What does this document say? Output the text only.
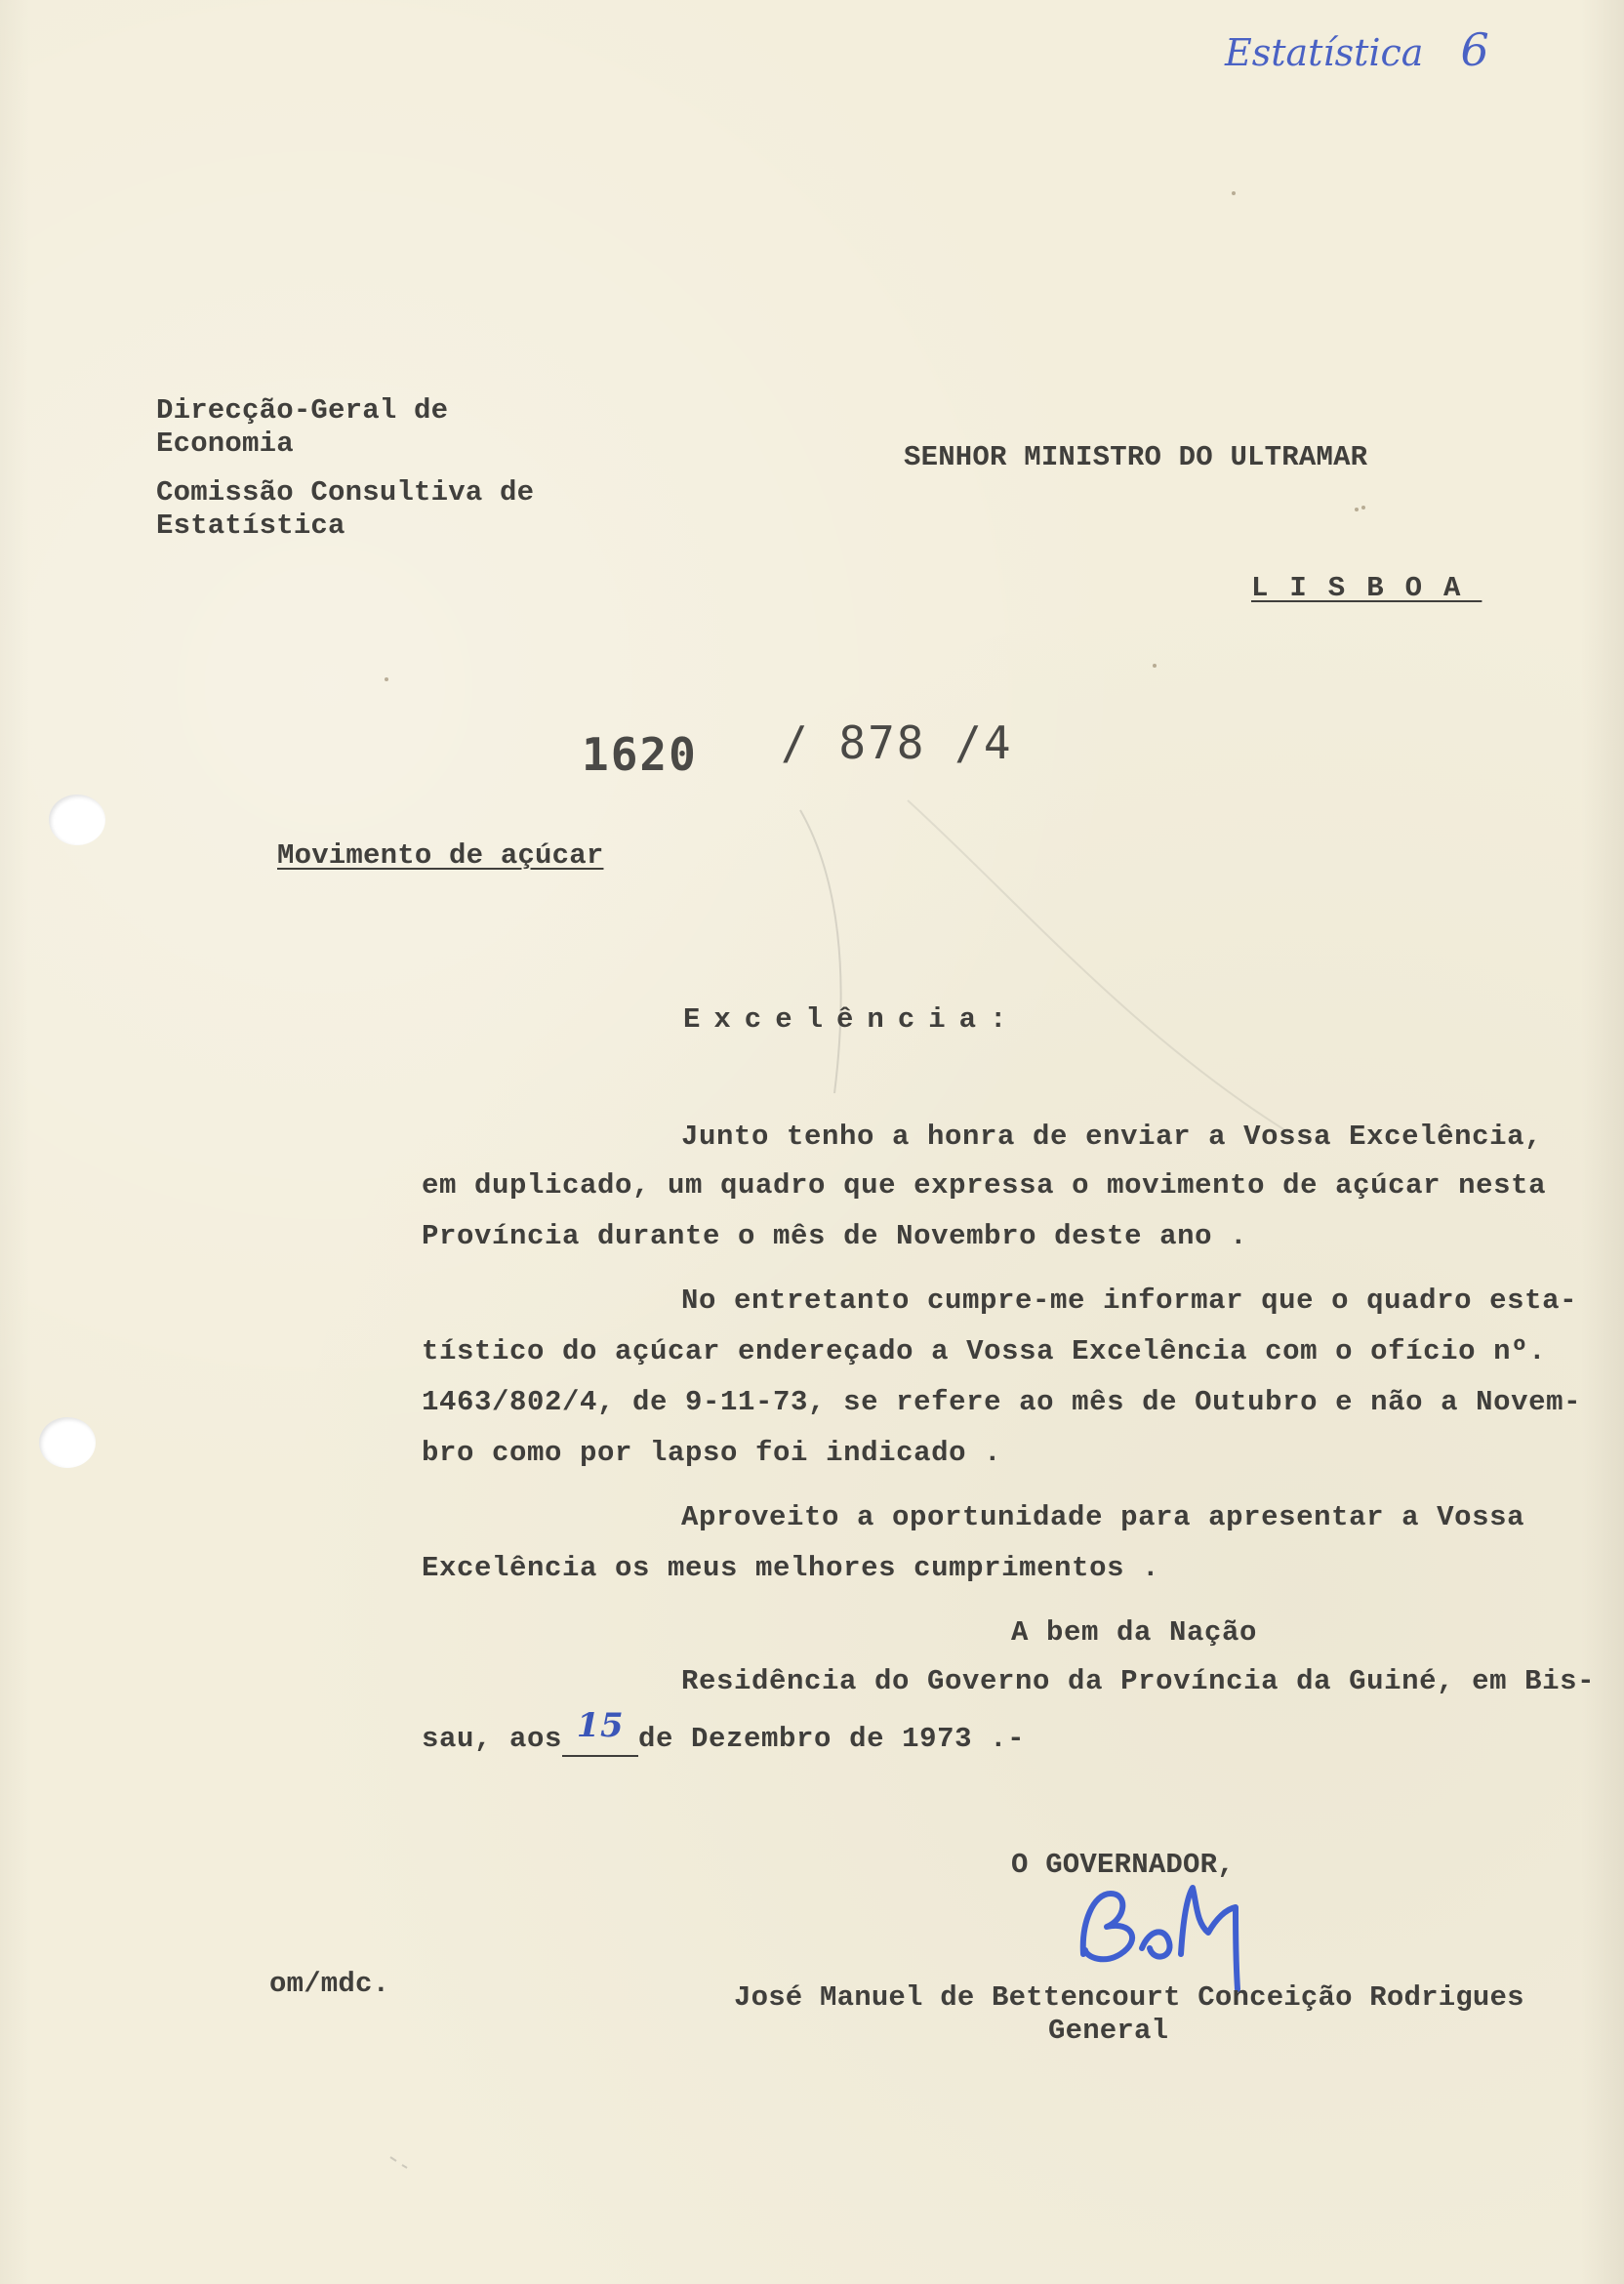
Estatística 6
Direcção-Geral de
Economia
Comissão Consultiva de
Estatística
SENHOR MINISTRO DO ULTRAMAR
LISBOA
1620 / 878 /4
Movimento de açúcar
Excelência:
Junto tenho a honra de enviar a Vossa Excelência,
em duplicado, um quadro que expressa o movimento de açúcar nesta
Província durante o mês de Novembro deste ano .
No entretanto cumpre-me informar que o quadro esta-
tístico do açúcar endereçado a Vossa Excelência com o ofício nº.
1463/802/4, de 9-11-73, se refere ao mês de Outubro e não a Novem-
bro como por lapso foi indicado .
Aproveito a oportunidade para apresentar a Vossa
Excelência os meus melhores cumprimentos .
A bem da Nação
Residência do Governo da Província da Guiné, em Bis-
sau, aos 15 de Dezembro de 1973 .-
O GOVERNADOR,
José Manuel de Bettencourt Conceição Rodrigues
General
om/mdc.
